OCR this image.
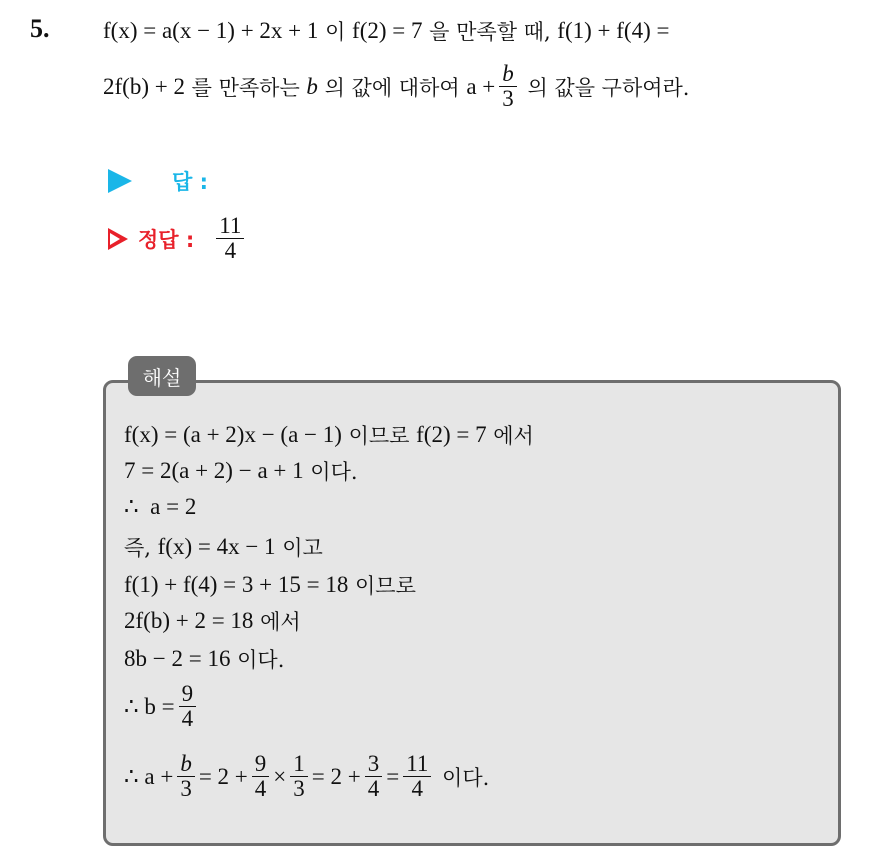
5. f(x) = a(x − 1) + 2x + 1 이 f(2) = 7 을 만족할 때, f(1) + f(4) =
2f(b) + 2 를 만족하는 b 의 값에 대하여 $a + \frac{b}{3}$ 의 값을 구하여라.
답 :
정답 : $\frac{11}{4}$
해설
f(x) = (a + 2)x − (a − 1) 이므로 f(2) = 7 에서
7 = 2(a + 2) − a + 1 이다.
∴  a = 2
즉, f(x) = 4x − 1 이고
f(1) + f(4) = 3 + 15 = 18 이므로
2f(b) + 2 = 18 에서
8b − 2 = 16 이다.
∴ $b = \frac{9}{4}$
∴ $a + \frac{b}{3} = 2 + \frac{9}{4} \times \frac{1}{3} = 2 + \frac{3}{4} = \frac{11}{4}$ 이다.
